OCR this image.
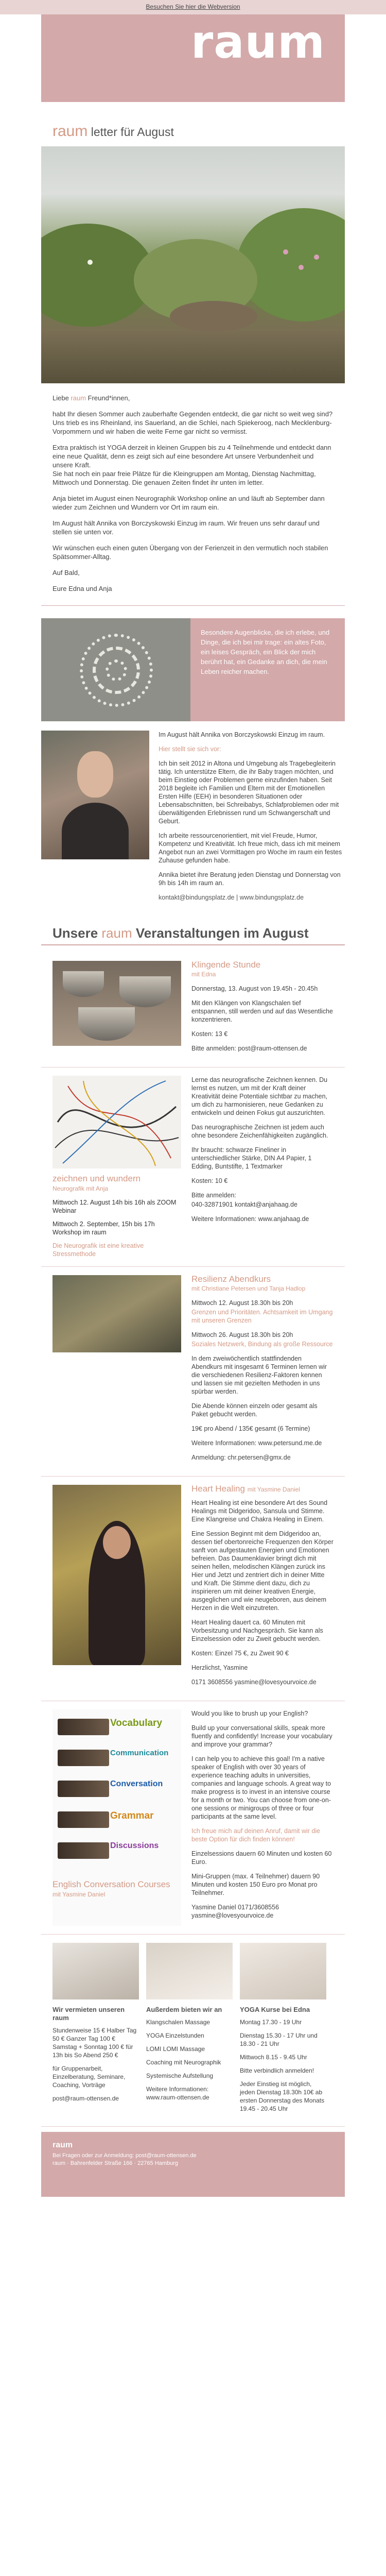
Besuchen Sie hier die Webversion
raum
raum letter für August

Liebe raum Freund*innen,

habt Ihr diesen Sommer auch zauberhafte Gegenden entdeckt, die gar nicht so weit weg sind? Uns trieb es ins Rheinland, ins Sauerland, an die Schlei, nach Spiekeroog, nach Mecklenburg-Vorpommern und wir haben die weite Ferne gar nicht so vermisst.

Extra praktisch ist YOGA derzeit in kleinen Gruppen bis zu 4 Teilnehmende und entdeckt dann eine neue Qualität, denn es zeigt sich auf eine besondere Art unsere Verbundenheit und unsere Kraft.
Sie hat noch ein paar freie Plätze für die Kleingruppen am Montag, Dienstag Nachmittag,
Mittwoch und Donnerstag. Die genauen Zeiten findet ihr unten im letter.

Anja bietet im August einen Neurographik Workshop online an und läuft ab September dann wieder zum Zeichnen und Wundern vor Ort im raum ein.

Im August hält Annika von Borczyskowski Einzug im raum. Wir freuen uns sehr darauf und stellen sie unten vor.

Wir wünschen euch einen guten Übergang von der Ferienzeit in den vermutlich noch stabilen Spätsommer-Alltag.

Auf Bald,

Eure Edna und Anja

Besondere Augenblicke, die ich erlebe, und Dinge, die ich bei mir trage: ein altes Foto, ein leises Gespräch, ein Blick der mich berührt hat, ein Gedanke an dich, die mein Leben reicher machen.

Im August hält Annika von Borczyskowski Einzug im raum.

Hier stellt sie sich vor:

Ich bin seit 2012 in Altona und Umgebung als Tragebegleiterin tätig. Ich unterstütze Eltern, die ihr Baby tragen möchten, und beim Einstieg oder Problemen gerne einzufinden haben. Seit 2018 begleite ich Familien und Eltern mit der Emotionellen Ersten Hilfe (EEH) in besonderen Situationen oder Lebensabschnitten, bei Schreibabys, Schlafproblemen oder mit überwältigenden Erlebnissen rund um Schwangerschaft und Geburt.

Ich arbeite ressourcenorientiert, mit viel Freude, Humor, Kompetenz und Kreativität. Ich freue mich, dass ich mit meinem Angebot nun an zwei Vormittagen pro Woche im raum ein festes Zuhause gefunden habe.

Annika bietet ihre Beratung jeden Dienstag und Donnerstag von 9h bis 14h im raum an.

kontakt@bindungsplatz.de | www.bindungsplatz.de

Unsere raum Veranstaltungen im August
Klingende Stunde
mit Edna

Donnerstag, 13. August von 19.45h - 20.45h

Mit den Klängen von Klangschalen tief entspannen, still werden und auf das Wesentliche konzentrieren.

Kosten: 13 €

Bitte anmelden: post@raum-ottensen.de

zeichnen und wundern
Neurografik mit Anja

Mittwoch 12. August 14h bis 16h als ZOOM Webinar

Mittwoch 2. September, 15h bis 17h Workshop im raum

Die Neurografik ist eine kreative Stressmethode

Lerne das neurografische Zeichnen kennen. Du lernst es nutzen, um mit der Kraft deiner Kreativität deine Potentiale sichtbar zu machen, um dich zu harmonisieren, neue Gedanken zu entwickeln und deinen Fokus gut auszurichten.

Das neurographische Zeichnen ist jedem auch ohne besondere Zeichenfähigkeiten zugänglich.

Ihr braucht: schwarze Fineliner in unterschiedlicher Stärke, DIN A4 Papier, 1 Edding, Buntstifte, 1 Textmarker

Kosten: 10 €

Bitte anmelden:

040-32871901 kontakt@anjahaag.de

Weitere Informationen: www.anjahaag.de

Resilienz Abendkurs
mit Christiane Petersen und Tanja Hadlop

Mittwoch 12. August 18.30h bis 20h

Grenzen und Prioritäten. Achtsamkeit im Umgang mit unseren Grenzen

Mittwoch 26. August 18.30h bis 20h

Soziales Netzwerk, Bindung als große Ressource

In dem zweiwöchentlich stattfindenden Abendkurs mit insgesamt 6 Terminen lernen wir die verschiedenen Resilienz-Faktoren kennen und lassen sie mit gezielten Methoden in uns spürbar werden.

Die Abende können einzeln oder gesamt als Paket gebucht werden.

19€ pro Abend / 135€ gesamt (6 Termine)

Weitere Informationen: www.petersund.me.de

Anmeldung: chr.petersen@gmx.de

Heart Healing mit Yasmine Daniel

Heart Healing ist eine besondere Art des Sound Healings mit Didgeridoo, Sansula und Stimme. Eine Klangreise und Chakra Healing in Einem.

Eine Session Beginnt mit dem Didgeridoo an, dessen tief obertonreiche Frequenzen den Körper sanft von aufgestauten Energien und Emotionen befreien. Das Daumenklavier bringt dich mit seinen hellen, melodischen Klängen zurück ins Hier und Jetzt und zentriert dich in deiner Mitte und Kraft. Die Stimme dient dazu, dich zu inspirieren um mit deiner kreativen Energie, ausgeglichen und wie neugeboren, aus deinem Herzen in die Welt einzutreten.

Heart Healing dauert ca. 60 Minuten mit Vorbesitzung und Nachgespräch. Sie kann als Einzelsession oder zu Zweit gebucht werden.

Kosten: Einzel 75 €, zu Zweit 90 €

Herzlichst, Yasmine

0171 3608556 yasmine@lovesyourvoice.de

Vocabulary
Communication
Conversation
Grammar
Discussions
English Conversation Courses
mit Yasmine Daniel

Would you like to brush up your English?

Build up your conversational skills, speak more fluently and confidently! Increase your vocabulary and improve your grammar?

I can help you to achieve this goal! I'm a native speaker of English with over 30 years of experience teaching adults in universities, companies and language schools. A great way to make progress is to invest in an intensive course for a month or two. You can choose from one-on-one sessions or minigroups of three or four participants at the same level.

Ich freue mich auf deinen Anruf, damit wir die beste Option für dich finden können!

Einzelsessions dauern 60 Minuten und kosten 60 Euro.

Mini-Gruppen (max. 4 Teilnehmer) dauern 90 Minuten und kosten 150 Euro pro Monat pro Teilnehmer.

Yasmine Daniel 0171/3608556 yasmine@lovesyourvoice.de

Wir vermieten unseren raum

Stundenweise 15 € Halber Tag 50 € Ganzer Tag 100 € Samstag + Sonntag 100 € für 13h bis So Abend 250 €

für Gruppenarbeit, Einzelberatung, Seminare, Coaching, Vorträge

post@raum-ottensen.de

Außerdem bieten wir an

Klangschalen Massage

YOGA Einzelstunden

LOMI LOMI Massage

Coaching mit Neurographik

Systemische Aufstellung

Weitere Informationen: www.raum-ottensen.de

YOGA Kurse bei Edna

Montag 17.30 - 19 Uhr

Dienstag 15.30 - 17 Uhr und 18.30 - 21 Uhr

Mittwoch 8.15 - 9.45 Uhr

Bitte verbindlich anmelden!

Jeder Einstieg ist möglich, jeden Dienstag 18.30h 10€ ab ersten Donnerstag des Monats 19.45 - 20.45 Uhr

raum
Bei Fragen oder zur Anmeldung: post@raum-ottensen.de
raum · Bahrenfelder Straße 166 · 22765 Hamburg
